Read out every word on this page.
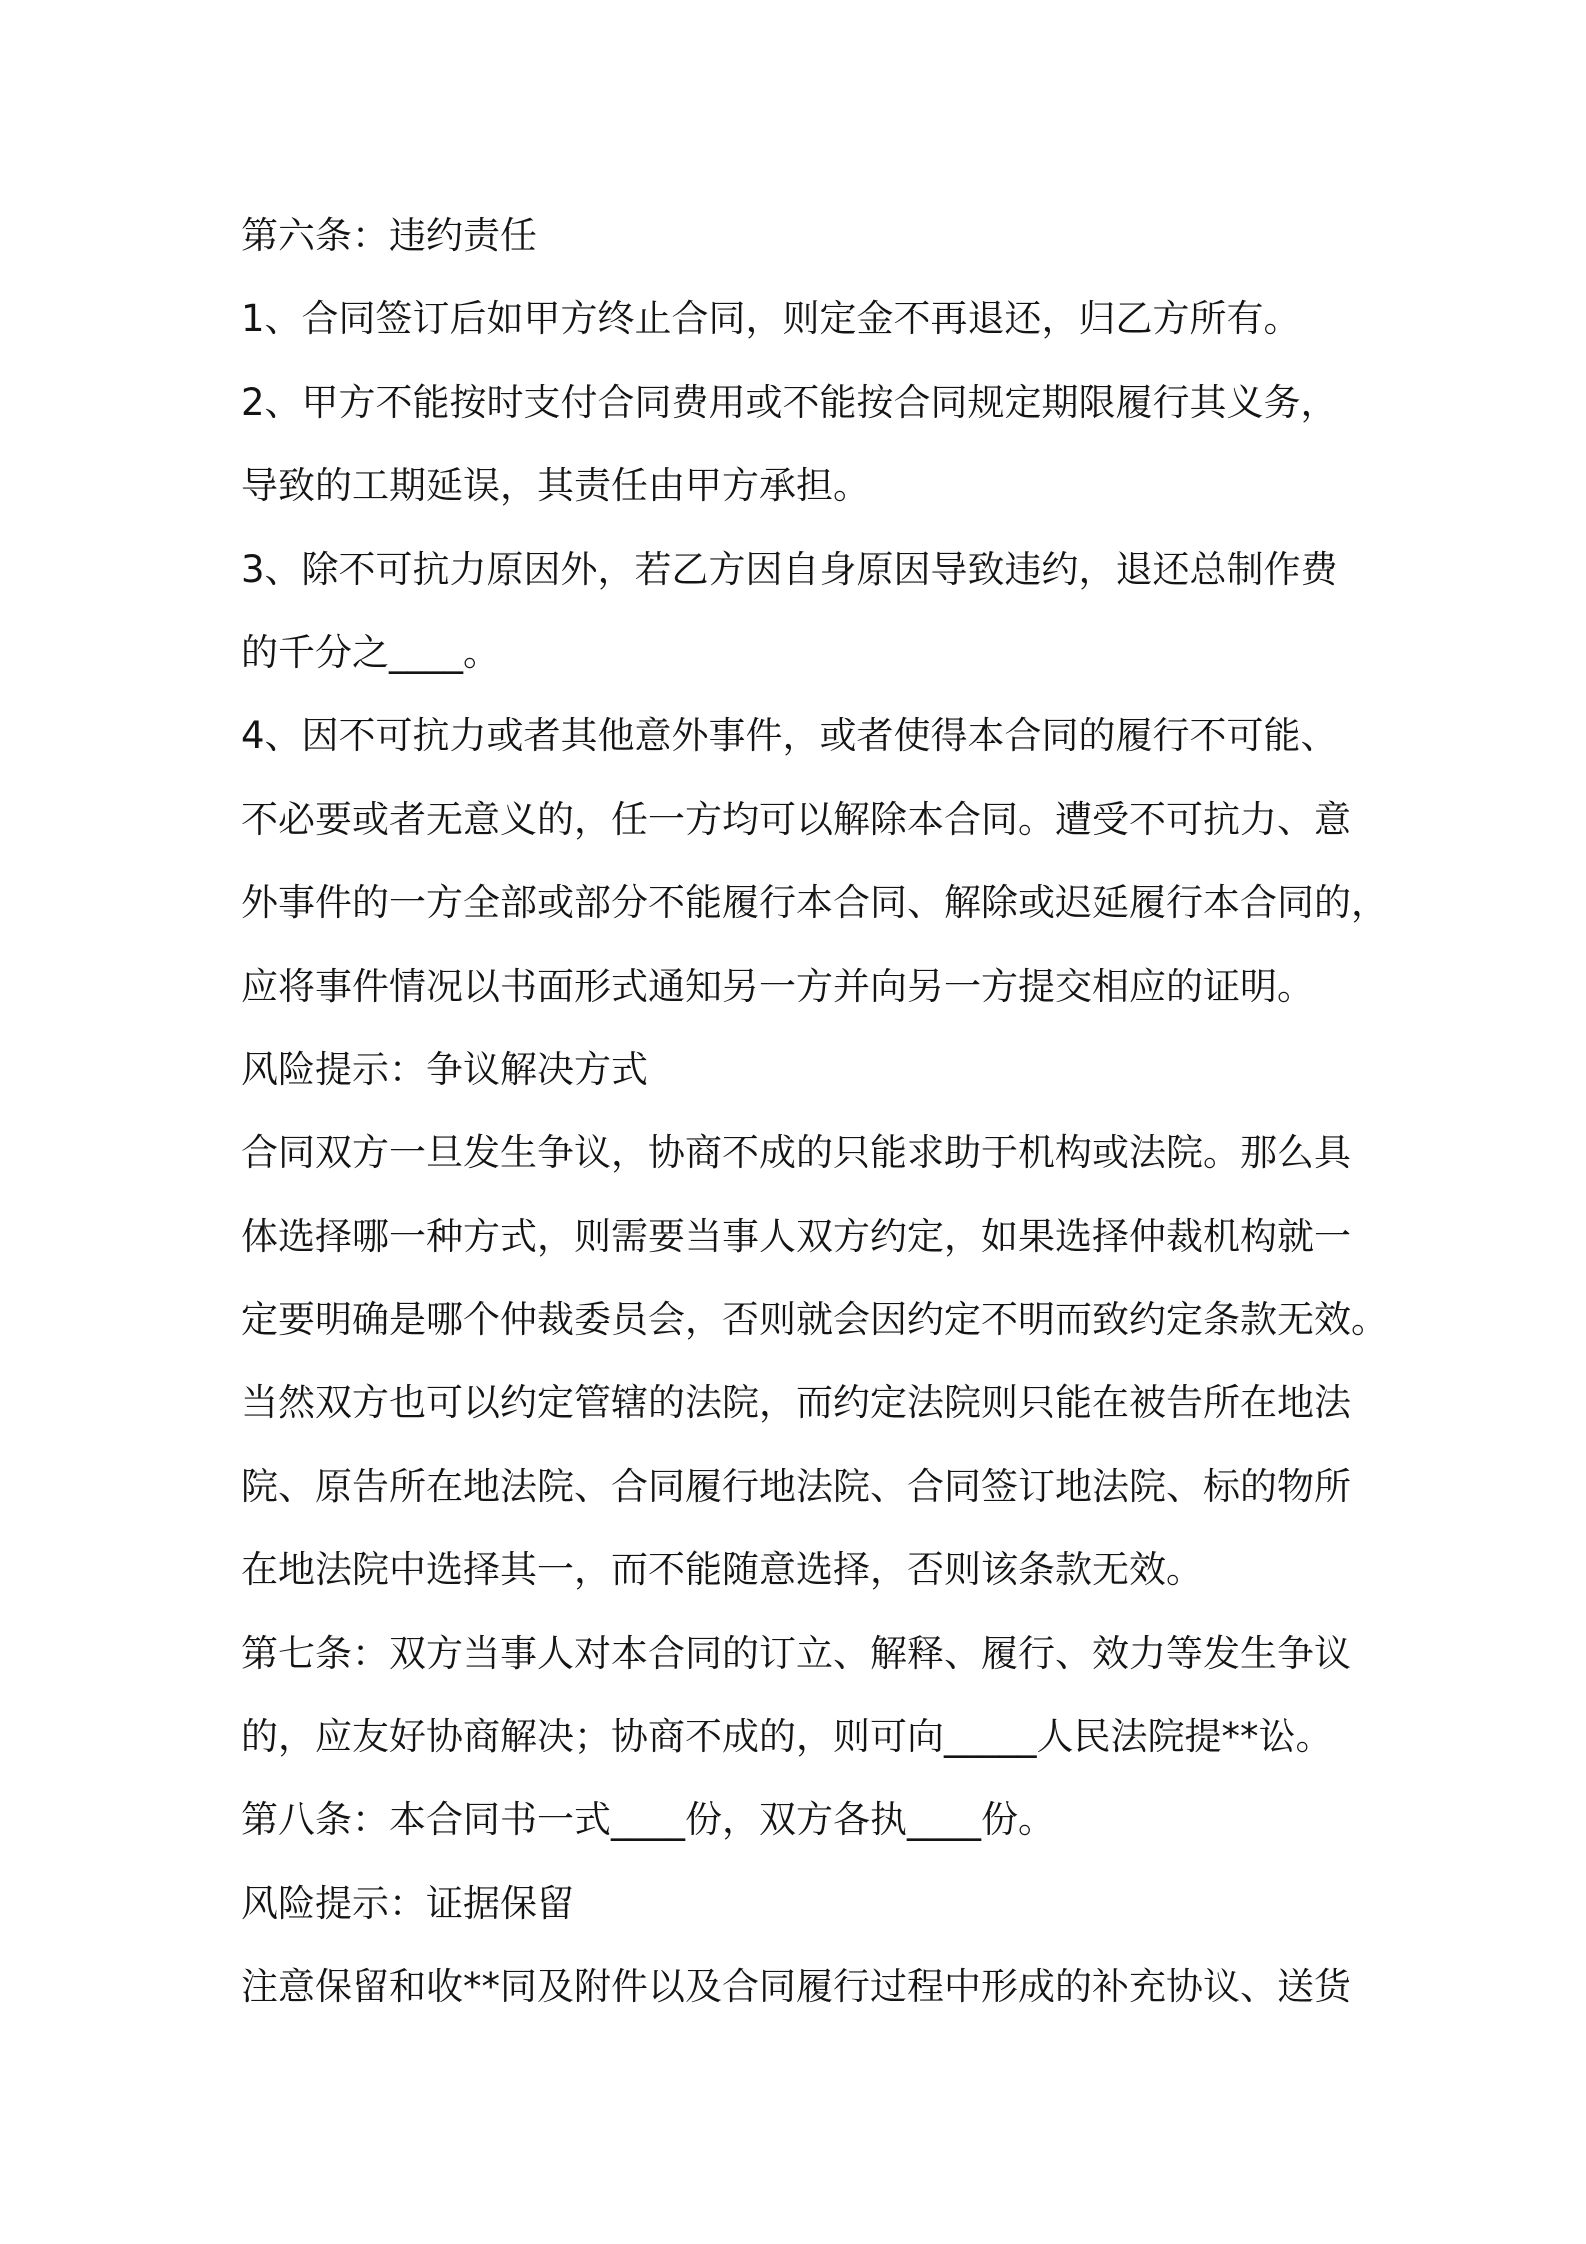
第六条：违约责任
1、合同签订后如甲方终止合同，则定金不再退还，归乙方所有。
2、甲方不能按时支付合同费用或不能按合同规定期限履行其义务，
导致的工期延误，其责任由甲方承担。
3、除不可抗力原因外，若乙方因自身原因导致违约，退还总制作费
的千分之____。
4、因不可抗力或者其他意外事件，或者使得本合同的履行不可能、
不必要或者无意义的，任一方均可以解除本合同。遭受不可抗力、意
外事件的一方全部或部分不能履行本合同、解除或迟延履行本合同的，
应将事件情况以书面形式通知另一方并向另一方提交相应的证明。
风险提示：争议解决方式
合同双方一旦发生争议，协商不成的只能求助于机构或法院。那么具
体选择哪一种方式，则需要当事人双方约定，如果选择仲裁机构就一
定要明确是哪个仲裁委员会，否则就会因约定不明而致约定条款无效。
当然双方也可以约定管辖的法院，而约定法院则只能在被告所在地法
院、原告所在地法院、合同履行地法院、合同签订地法院、标的物所
在地法院中选择其一，而不能随意选择，否则该条款无效。
第七条：双方当事人对本合同的订立、解释、履行、效力等发生争议
的，应友好协商解决；协商不成的，则可向_____人民法院提**讼。
第八条：本合同书一式____份，双方各执____份。
风险提示：证据保留
注意保留和收**同及附件以及合同履行过程中形成的补充协议、送货
